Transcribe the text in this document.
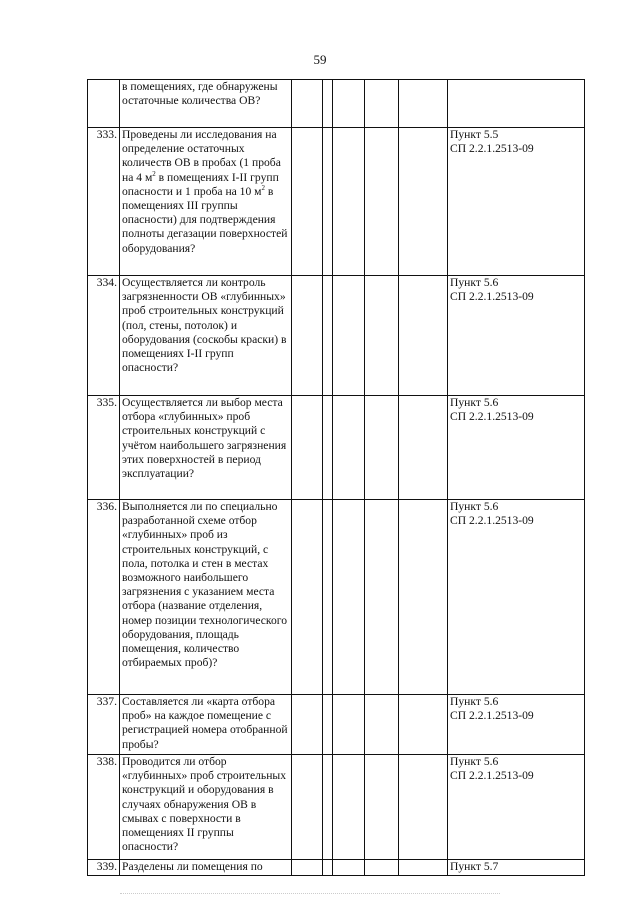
59
	в помещениях, где обнаружены остаточные количества ОВ?						
333.	Проведены ли исследования на определение остаточных количеств ОВ в пробах (1 проба на 4 $м^2$ в помещениях I-II групп опасности и 1 проба на 10 $м^2$ в помещениях III группы опасности) для подтверждения полноты дегазации поверхностей оборудования?						Пункт 5.5
СП 2.2.1.2513-09

334.	Осуществляется ли контроль загрязненности ОВ «глубинных» проб строительных конструкций (пол, стены, потолок) и оборудования (соскобы краски) в помещениях I-II групп опасности?						Пункт 5.6
СП 2.2.1.2513-09

335.	Осуществляется ли выбор места отбора «глубинных» проб строительных конструкций с учётом наибольшего загрязнения этих поверхностей в период эксплуатации?						Пункт 5.6
СП 2.2.1.2513-09

336.	Выполняется ли по специально разработанной схеме отбор «глубинных» проб из строительных конструкций, с пола, потолка и стен в местах возможного наибольшего загрязнения с указанием места отбора (название отделения, номер позиции технологического оборудования, площадь помещения, количество отбираемых проб)?						Пункт 5.6
СП 2.2.1.2513-09

337.	Составляется ли «карта отбора проб» на каждое помещение с регистрацией номера отобранной пробы?						Пункт 5.6
СП 2.2.1.2513-09

338.	Проводится ли отбор «глубинных» проб строительных конструкций и оборудования в случаях обнаружения ОВ в смывах с поверхности в помещениях II группы опасности?						Пункт 5.6
СП 2.2.1.2513-09

339.	Разделены ли помещения по						Пункт 5.7
